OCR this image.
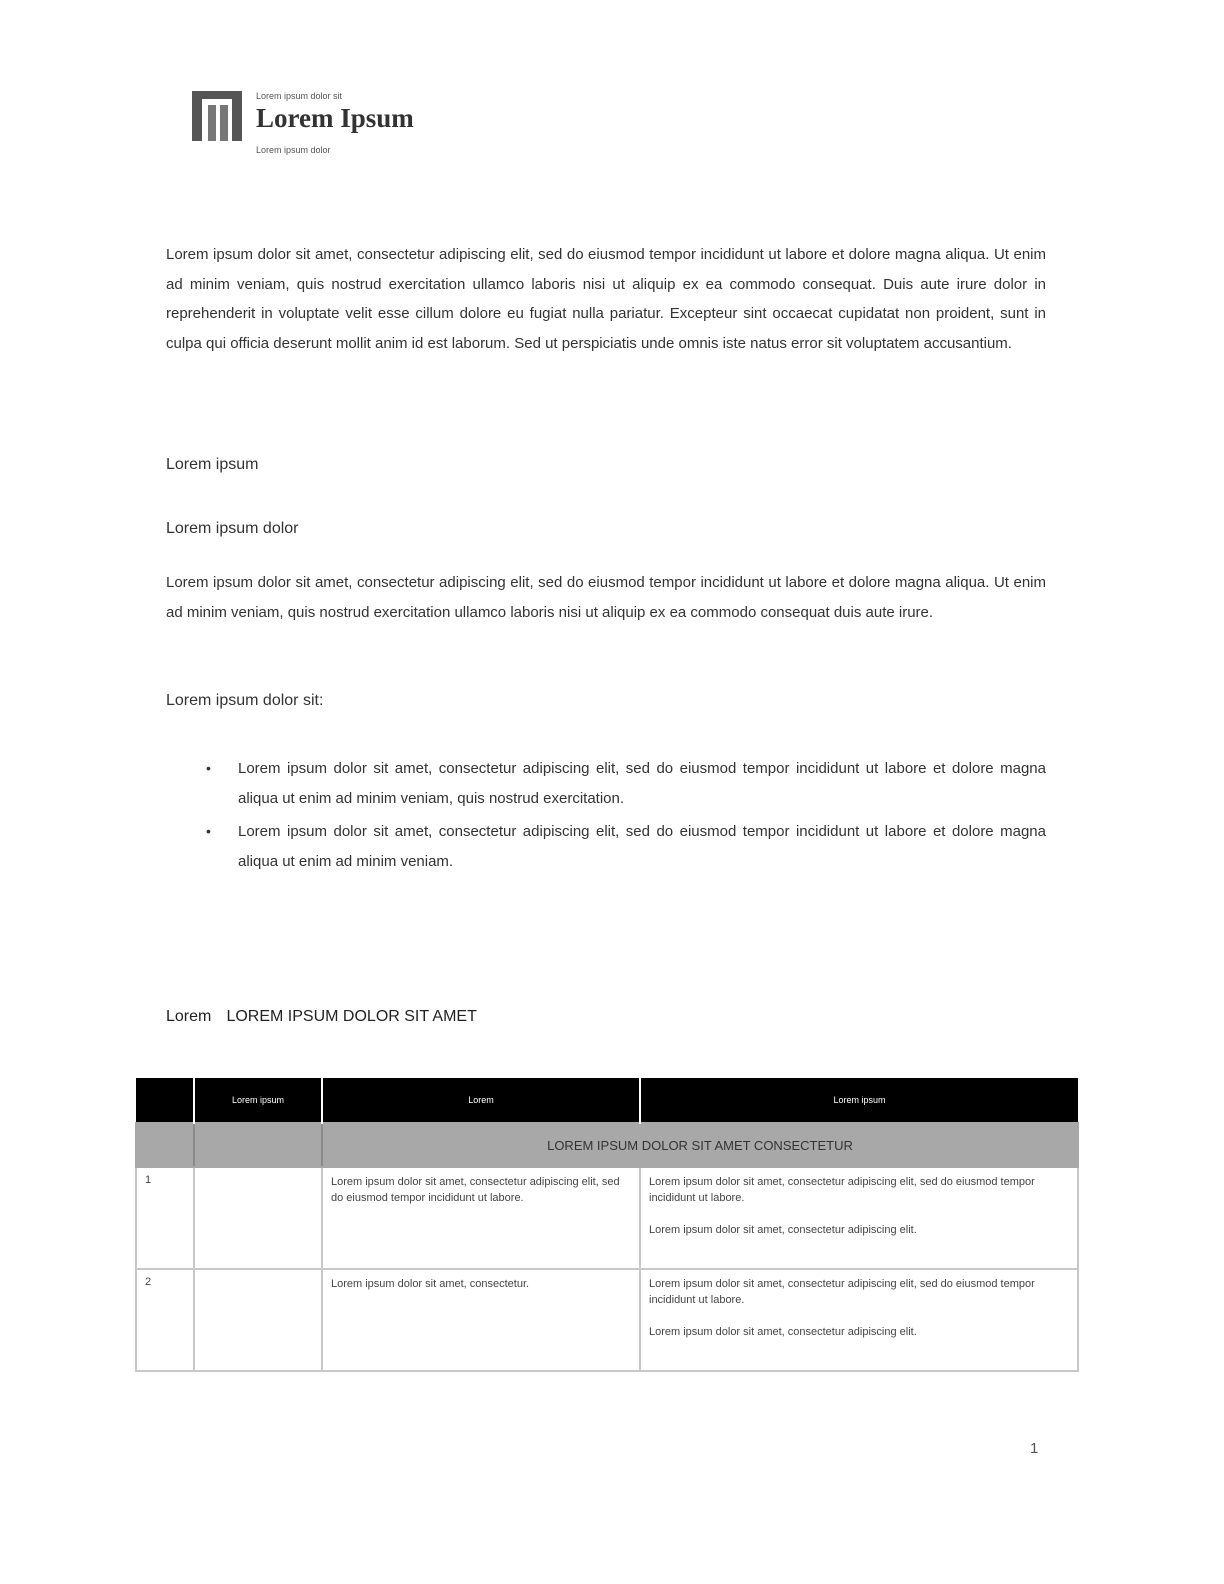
Lorem ipsum dolor sit
Lorem Ipsum
Lorem ipsum dolor

Lorem ipsum dolor sit amet, consectetur adipiscing elit, sed do eiusmod tempor incididunt ut labore et dolore magna aliqua. Ut enim ad minim veniam, quis nostrud exercitation ullamco laboris nisi ut aliquip ex ea commodo consequat. Duis aute irure dolor in reprehenderit in voluptate velit esse cillum dolore eu fugiat nulla pariatur. Excepteur sint occaecat cupidatat non proident, sunt in culpa qui officia deserunt mollit anim id est laborum. Sed ut perspiciatis unde omnis iste natus error sit voluptatem accusantium.

Lorem ipsum

Lorem ipsum dolor

Lorem ipsum dolor sit amet, consectetur adipiscing elit, sed do eiusmod tempor incididunt ut labore et dolore magna aliqua. Ut enim ad minim veniam, quis nostrud exercitation ullamco laboris nisi ut aliquip ex ea commodo consequat duis aute irure.

Lorem ipsum dolor sit:

• Lorem ipsum dolor sit amet, consectetur adipiscing elit, sed do eiusmod tempor incididunt ut labore et dolore magna aliqua ut enim ad minim veniam, quis nostrud exercitation.
• Lorem ipsum dolor sit amet, consectetur adipiscing elit, sed do eiusmod tempor incididunt ut labore et dolore magna aliqua ut enim ad minim veniam.
Lorem LOREM IPSUM DOLOR SIT AMET
	Lorem ipsum	Lorem	Lorem ipsum
		LOREM IPSUM DOLOR SIT AMET CONSECTETUR	
1		Lorem ipsum dolor sit amet, consectetur adipiscing elit, sed do eiusmod tempor incididunt ut labore.	Lorem ipsum dolor sit amet, consectetur adipiscing elit, sed do eiusmod tempor incididunt ut labore.

Lorem ipsum dolor sit amet, consectetur adipiscing elit.

2		Lorem ipsum dolor sit amet, consectetur.	Lorem ipsum dolor sit amet, consectetur adipiscing elit, sed do eiusmod tempor incididunt ut labore.

Lorem ipsum dolor sit amet, consectetur adipiscing elit.

1
